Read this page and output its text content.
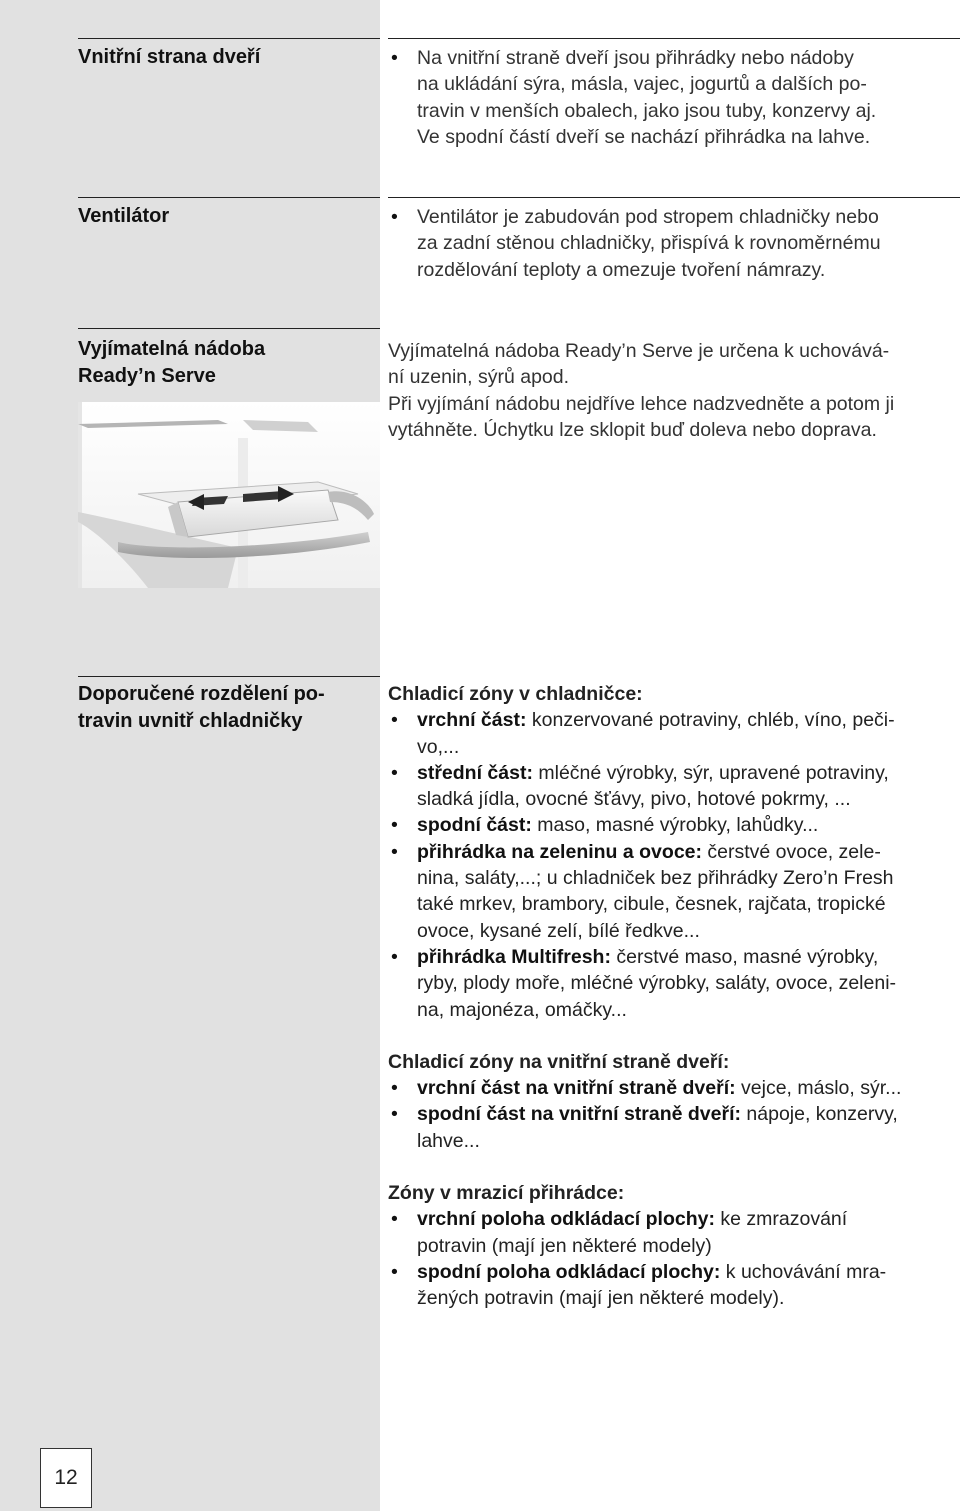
Vnitřní strana dveří	• Na vnitřní straně dveří jsou přihrádky nebo nádoby
na ukládání sýra, másla, vajec, jogurtů a dalších po-
travin v menších obalech, jako jsou tuby, konzervy aj.
Ve spodní částí dveří se nachází přihrádka na lahve.
Ventilátor	• Ventilátor je zabudován pod stropem chladničky nebo
za zadní stěnou chladničky, přispívá k rovnoměrnému
rozdělování teploty a omezuje tvoření námrazy.
Vyjímatelná nádoba
Ready’n Serve
Vyjímatelná nádoba Ready’n Serve je určena k uchovává-
ní uzenin, sýrů apod.
Při vyjímání nádobu nejdříve lehce nadzvedněte a potom ji
vytáhněte. Úchytku lze sklopit buď doleva nebo doprava.
Doporučené rozdělení po-
travin uvnitř chladničky
Chladicí zóny v chladničce:
• vrchní část: konzervované potraviny, chléb, víno, peči-
vo,...
• střední část: mléčné výrobky, sýr, upravené potraviny,
sladká jídla, ovocné šťávy, pivo, hotové pokrmy, ...
• spodní část: maso, masné výrobky, lahůdky...
• přihrádka na zeleninu a ovoce: čerstvé ovoce, zele-
nina, saláty,...; u chladniček bez přihrádky Zero’n Fresh
také mrkev, brambory, cibule, česnek, rajčata, tropické
ovoce, kysané zelí, bílé ředkve...
• přihrádka Multifresh: čerstvé maso, masné výrobky,
ryby, plody moře, mléčné výrobky, saláty, ovoce, zeleni-
na, majonéza, omáčky...
Chladicí zóny na vnitřní straně dveří:
• vrchní část na vnitřní straně dveří: vejce, máslo, sýr...
• spodní část na vnitřní straně dveří: nápoje, konzervy,
lahve...
Zóny v mrazicí přihrádce:
• vrchní poloha odkládací plochy: ke zmrazování
potravin (mají jen některé modely)
• spodní poloha odkládací plochy: k uchovávání mra-
žených potravin (mají jen některé modely).
12
